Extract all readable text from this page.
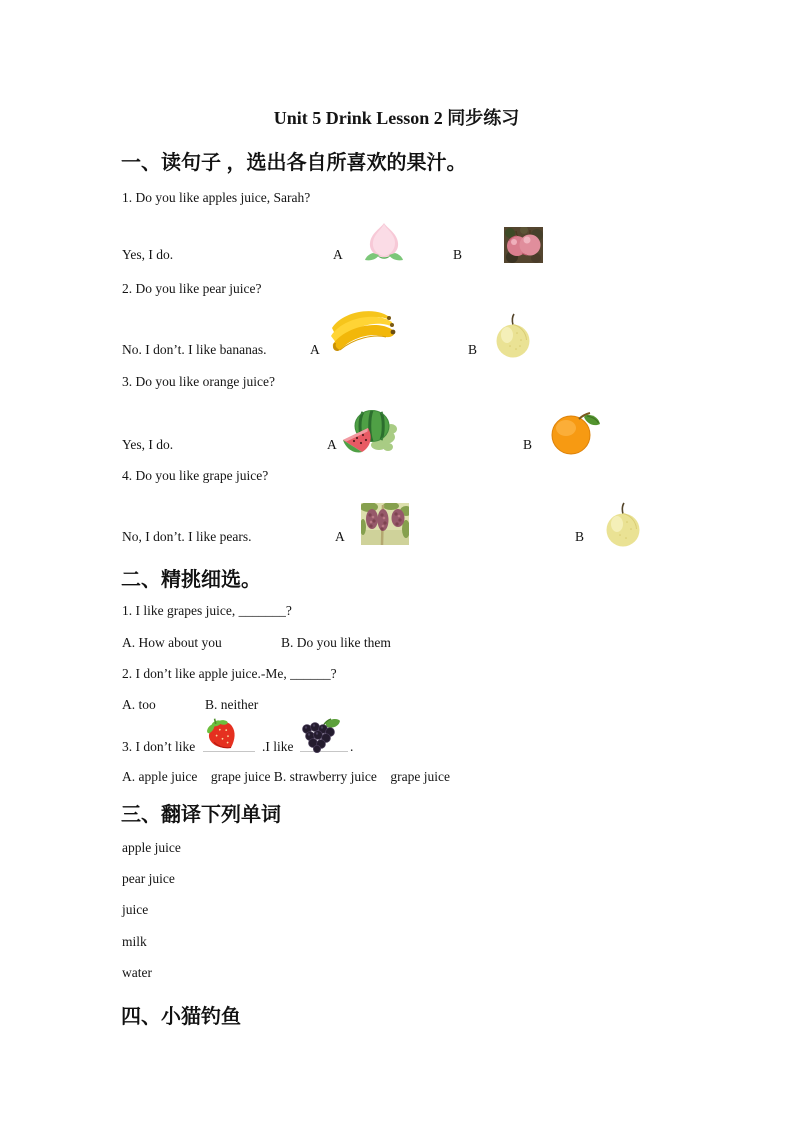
Unit 5 Drink Lesson 2 同步练习
一、读句子 ，选出各自所喜欢的果汁。
1. Do you like apples juice, Sarah?
Yes, I do.	A	B
2. Do you like pear juice?
No. I don’t. I like bananas.	A	B
3. Do you like orange juice?
Yes, I do.	A	B
4. Do you like grape juice?
No, I don’t. I like pears.	A	B
二、精挑细选。
1. I like grapes juice, _______?
A. How about you	B. Do you like them
2. I don’t like apple juice.-Me, ______?
A. too	B. neither
3. I don’t like	.I like	.
A. apple juice    grape juice B. strawberry juice    grape juice
三、翻译下列单词
apple juice
pear juice
juice
milk
water
四、小猫钓鱼
